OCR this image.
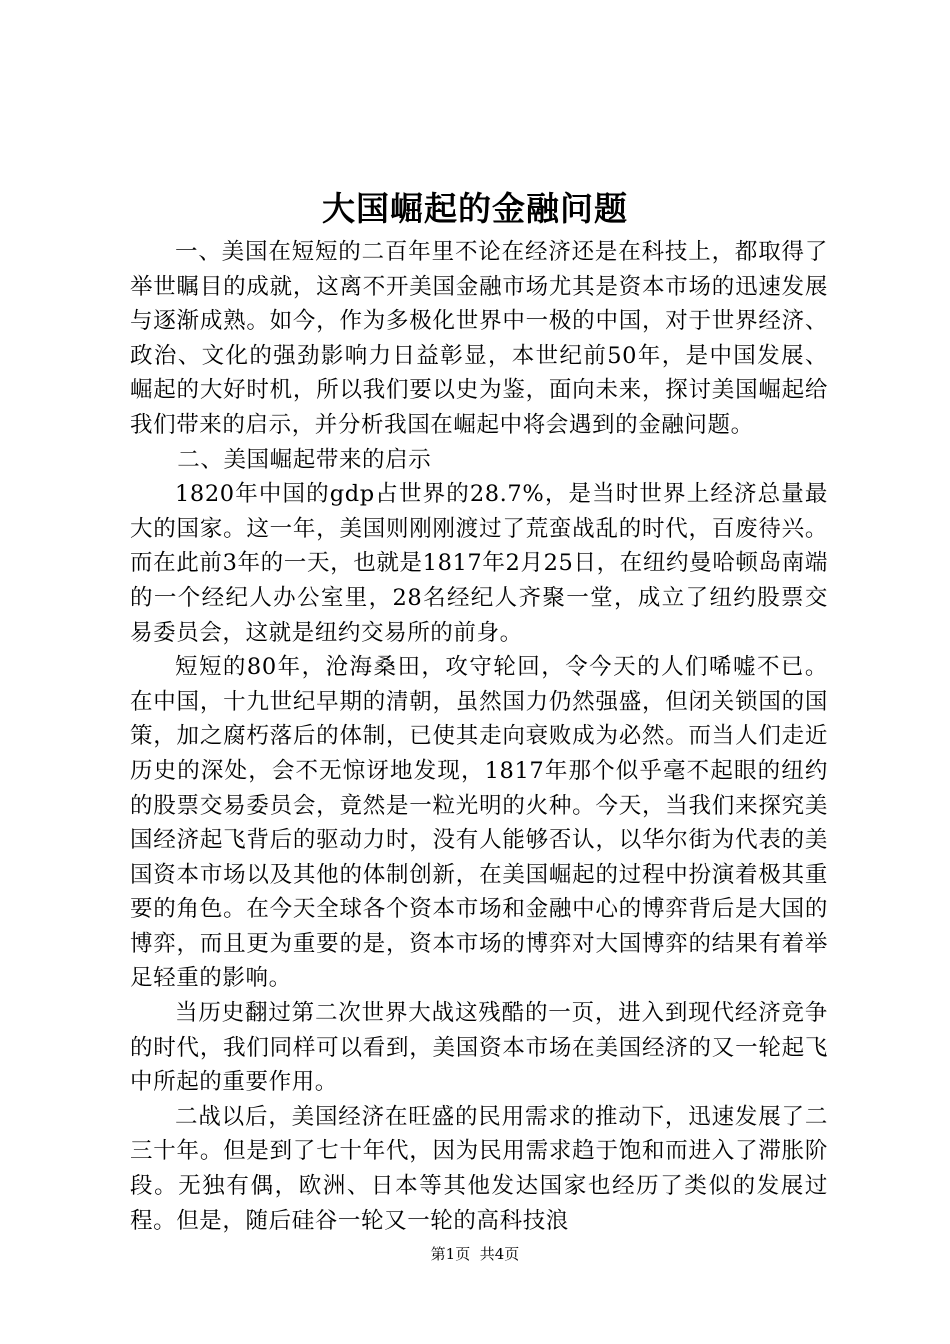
大国崛起的金融问题

一、美国在短短的二百年里不论在经济还是在科技上，都取得了举世瞩目的成就，这离不开美国金融市场尤其是资本市场的迅速发展与逐渐成熟。如今，作为多极化世界中一极的中国，对于世界经济、政治、文化的强劲影响力日益彰显，本世纪前50年，是中国发展、崛起的大好时机，所以我们要以史为鉴，面向未来，探讨美国崛起给我们带来的启示，并分析我国在崛起中将会遇到的金融问题。

二、美国崛起带来的启示

1820年中国的gdp占世界的28.7%，是当时世界上经济总量最大的国家。这一年，美国则刚刚渡过了荒蛮战乱的时代，百废待兴。而在此前3年的一天，也就是1817年2月25日，在纽约曼哈顿岛南端的一个经纪人办公室里，28名经纪人齐聚一堂，成立了纽约股票交易委员会，这就是纽约交易所的前身。

短短的80年，沧海桑田，攻守轮回，令今天的人们唏嘘不已。在中国，十九世纪早期的清朝，虽然国力仍然强盛，但闭关锁国的国策，加之腐朽落后的体制，已使其走向衰败成为必然。而当人们走近历史的深处，会不无惊讶地发现，1817年那个似乎毫不起眼的纽约的股票交易委员会，竟然是一粒光明的火种。今天，当我们来探究美国经济起飞背后的驱动力时，没有人能够否认，以华尔街为代表的美国资本市场以及其他的体制创新，在美国崛起的过程中扮演着极其重要的角色。在今天全球各个资本市场和金融中心的博弈背后是大国的博弈，而且更为重要的是，资本市场的博弈对大国博弈的结果有着举足轻重的影响。

当历史翻过第二次世界大战这残酷的一页，进入到现代经济竞争的时代，我们同样可以看到，美国资本市场在美国经济的又一轮起飞中所起的重要作用。

二战以后，美国经济在旺盛的民用需求的推动下，迅速发展了二三十年。但是到了七十年代，因为民用需求趋于饱和而进入了滞胀阶段。无独有偶，欧洲、日本等其他发达国家也经历了类似的发展过程。但是，随后硅谷一轮又一轮的高科技浪

第1页 共4页
